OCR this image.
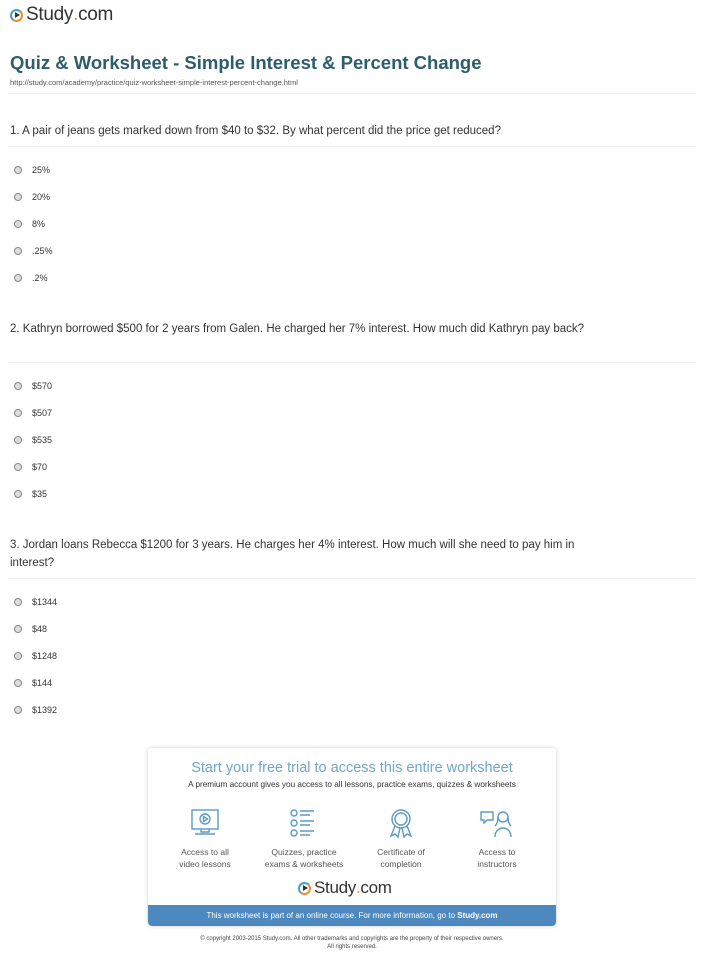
Study . com
Quiz & Worksheet - Simple Interest & Percent Change
http://study.com/academy/practice/quiz-worksheet-simple-interest-percent-change.html
1. A pair of jeans gets marked down from $40 to $32. By what percent did the price get reduced?
25%
20%
8%
.25%
.2%
2. Kathryn borrowed $500 for 2 years from Galen. He charged her 7% interest. How much did Kathryn pay back?
$570
$507
$535
$70
$35
3. Jordan loans Rebecca $1200 for 3 years. He charges her 4% interest. How much will she need to pay him in interest?
$1344
$48
$1248
$144
$1392
Start your free trial to access this entire worksheet
A premium account gives you access to all lessons, practice exams, quizzes & worksheets
Access to all
video lessons
Quizzes, practice
exams & worksheets
Certificate of
completion
Access to
instructors
Study . com
This worksheet is part of an online course. For more information, go to Study.com
© copyright 2003-2015 Study.com. All other trademarks and copyrights are the property of their respective owners.
All rights reserved.
